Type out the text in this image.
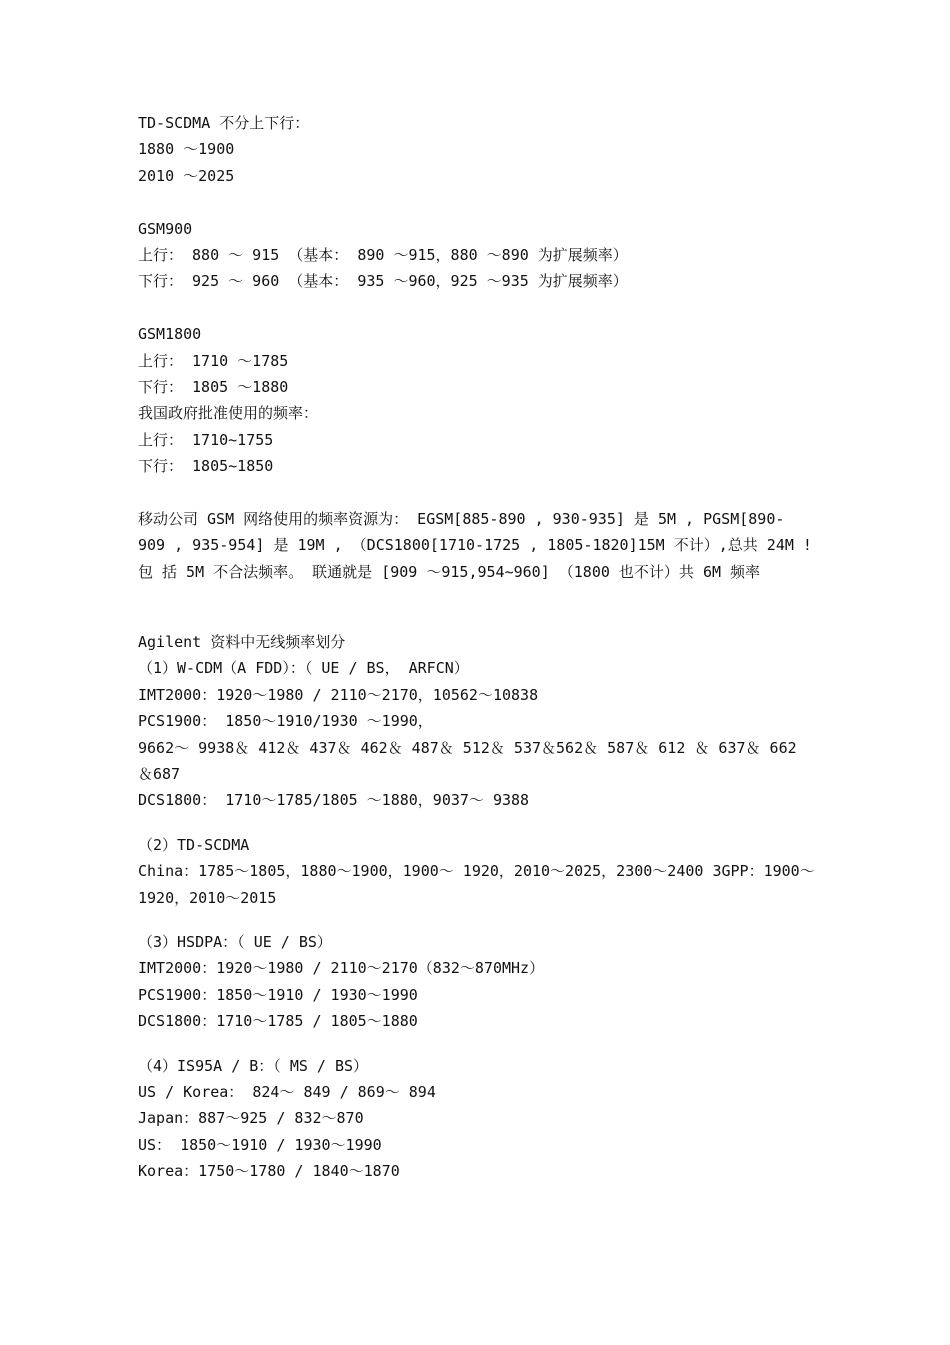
TD-SCDMA 不分上下行：
1880 ～1900
2010 ～2025
GSM900
上行： 880 ～ 915 （基本： 890 ～915，880 ～890 为扩展频率）
下行： 925 ～ 960 （基本： 935 ～960，925 ～935 为扩展频率）
GSM1800
上行： 1710 ～1785
下行： 1805 ～1880
我国政府批准使用的频率：
上行： 1710~1755
下行： 1805~1850
移动公司 GSM 网络使用的频率资源为： EGSM[885-890 , 930-935] 是 5M , PGSM[890-
909 , 935-954] 是 19M , （DCS1800[1710-1725 , 1805-1820]15M 不计）,总共 24M !
包 括 5M 不合法频率。 联通就是 [909 ～915,954~960] （1800 也不计）共 6M 频率
Agilent 资料中无线频率划分
（1）W-CDM（A FDD）：（ UE / BS， ARFCN）
IMT2000：1920～1980 / 2110～2170，10562～10838
PCS1900： 1850～1910/1930 ～1990，
9662～ 9938＆ 412＆ 437＆ 462＆ 487＆ 512＆ 537＆562＆ 587＆ 612 ＆ 637＆ 662
＆687
DCS1800： 1710～1785/1805 ～1880，9037～ 9388
（2）TD-SCDMA
China：1785～1805，1880～1900，1900～ 1920，2010～2025，2300～2400 3GPP：1900～
1920，2010～2015
（3）HSDPA：（ UE / BS）
IMT2000：1920～1980 / 2110～2170（832～870MHz）
PCS1900：1850～1910 / 1930～1990
DCS1800：1710～1785 / 1805～1880
（4）IS95A / B：（ MS / BS）
US / Korea： 824～ 849 / 869～ 894
Japan：887～925 / 832～870
US： 1850～1910 / 1930～1990
Korea：1750～1780 / 1840～1870
